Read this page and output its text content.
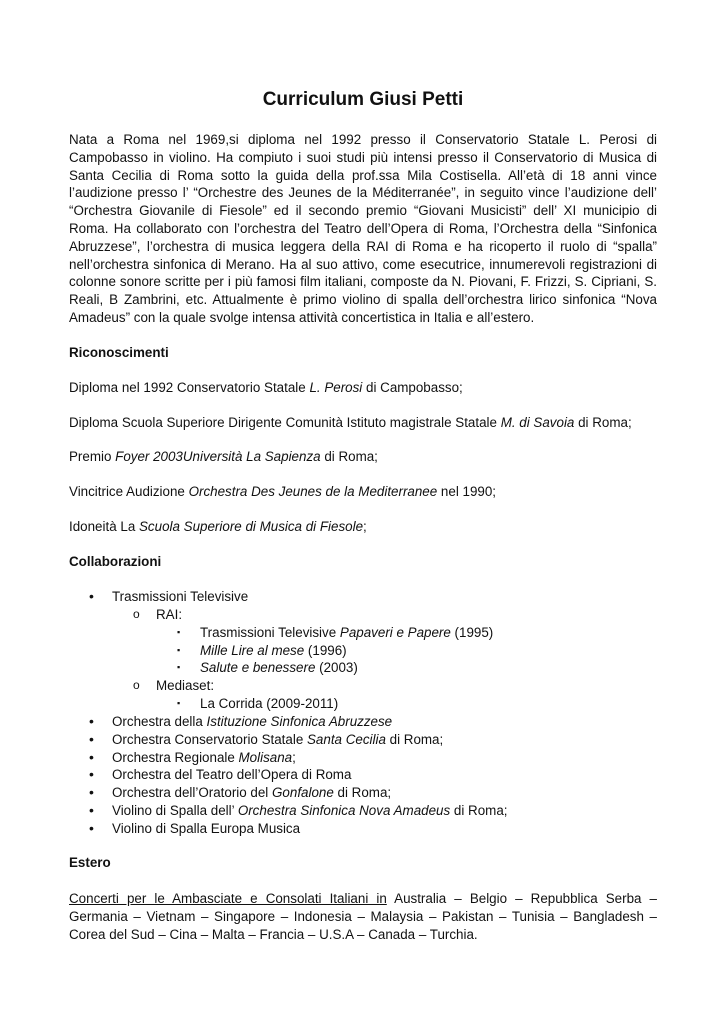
Curriculum Giusi Petti

Nata a Roma nel 1969,si diploma nel 1992 presso il Conservatorio Statale L. Perosi di Campobasso in violino. Ha compiuto i suoi studi più intensi presso il Conservatorio di Musica di Santa Cecilia di Roma sotto la guida della prof.ssa Mila Costisella. All’età di 18 anni vince l’audizione presso l’ “Orchestre des Jeunes de la Méditerranée”, in seguito vince l’audizione dell’ “Orchestra Giovanile di Fiesole” ed il secondo premio “Giovani Musicisti” dell’ XI municipio di Roma. Ha collaborato con l’orchestra del Teatro dell’Opera di Roma, l’Orchestra della “Sinfonica Abruzzese”, l’orchestra di musica leggera della RAI di Roma e ha ricoperto il ruolo di “spalla” nell’orchestra sinfonica di Merano. Ha al suo attivo, come esecutrice, innumerevoli registrazioni di colonne sonore scritte per i più famosi film italiani, composte da N. Piovani, F. Frizzi, S. Cipriani, S. Reali, B Zambrini, etc. Attualmente è primo violino di spalla dell’orchestra lirico sinfonica “Nova Amadeus” con la quale svolge intensa attività concertistica in Italia e all’estero.

Riconoscimenti

Diploma nel 1992 Conservatorio Statale L. Perosi di Campobasso;

Diploma Scuola Superiore Dirigente Comunità Istituto magistrale Statale M. di Savoia di Roma;

Premio Foyer 2003Università La Sapienza di Roma;

Vincitrice Audizione Orchestra Des Jeunes de la Mediterranee nel 1990;

Idoneità La Scuola Superiore di Musica di Fiesole;

Collaborazioni

• Trasmissioni Televisive
o RAI:
▪ Trasmissioni Televisive Papaveri e Papere (1995)
▪ Mille Lire al mese (1996)
▪ Salute e benessere (2003)
o Mediaset:
▪ La Corrida (2009-2011)
• Orchestra della Istituzione Sinfonica Abruzzese
• Orchestra Conservatorio Statale Santa Cecilia di Roma;
• Orchestra Regionale Molisana;
• Orchestra del Teatro dell’Opera di Roma
• Orchestra dell’Oratorio del Gonfalone di Roma;
• Violino di Spalla dell’ Orchestra Sinfonica Nova Amadeus di Roma;
• Violino di Spalla Europa Musica

Estero

Concerti per le Ambasciate e Consolati Italiani in Australia – Belgio – Repubblica Serba – Germania – Vietnam – Singapore – Indonesia – Malaysia – Pakistan – Tunisia – Bangladesh – Corea del Sud – Cina – Malta – Francia – U.S.A – Canada – Turchia.
